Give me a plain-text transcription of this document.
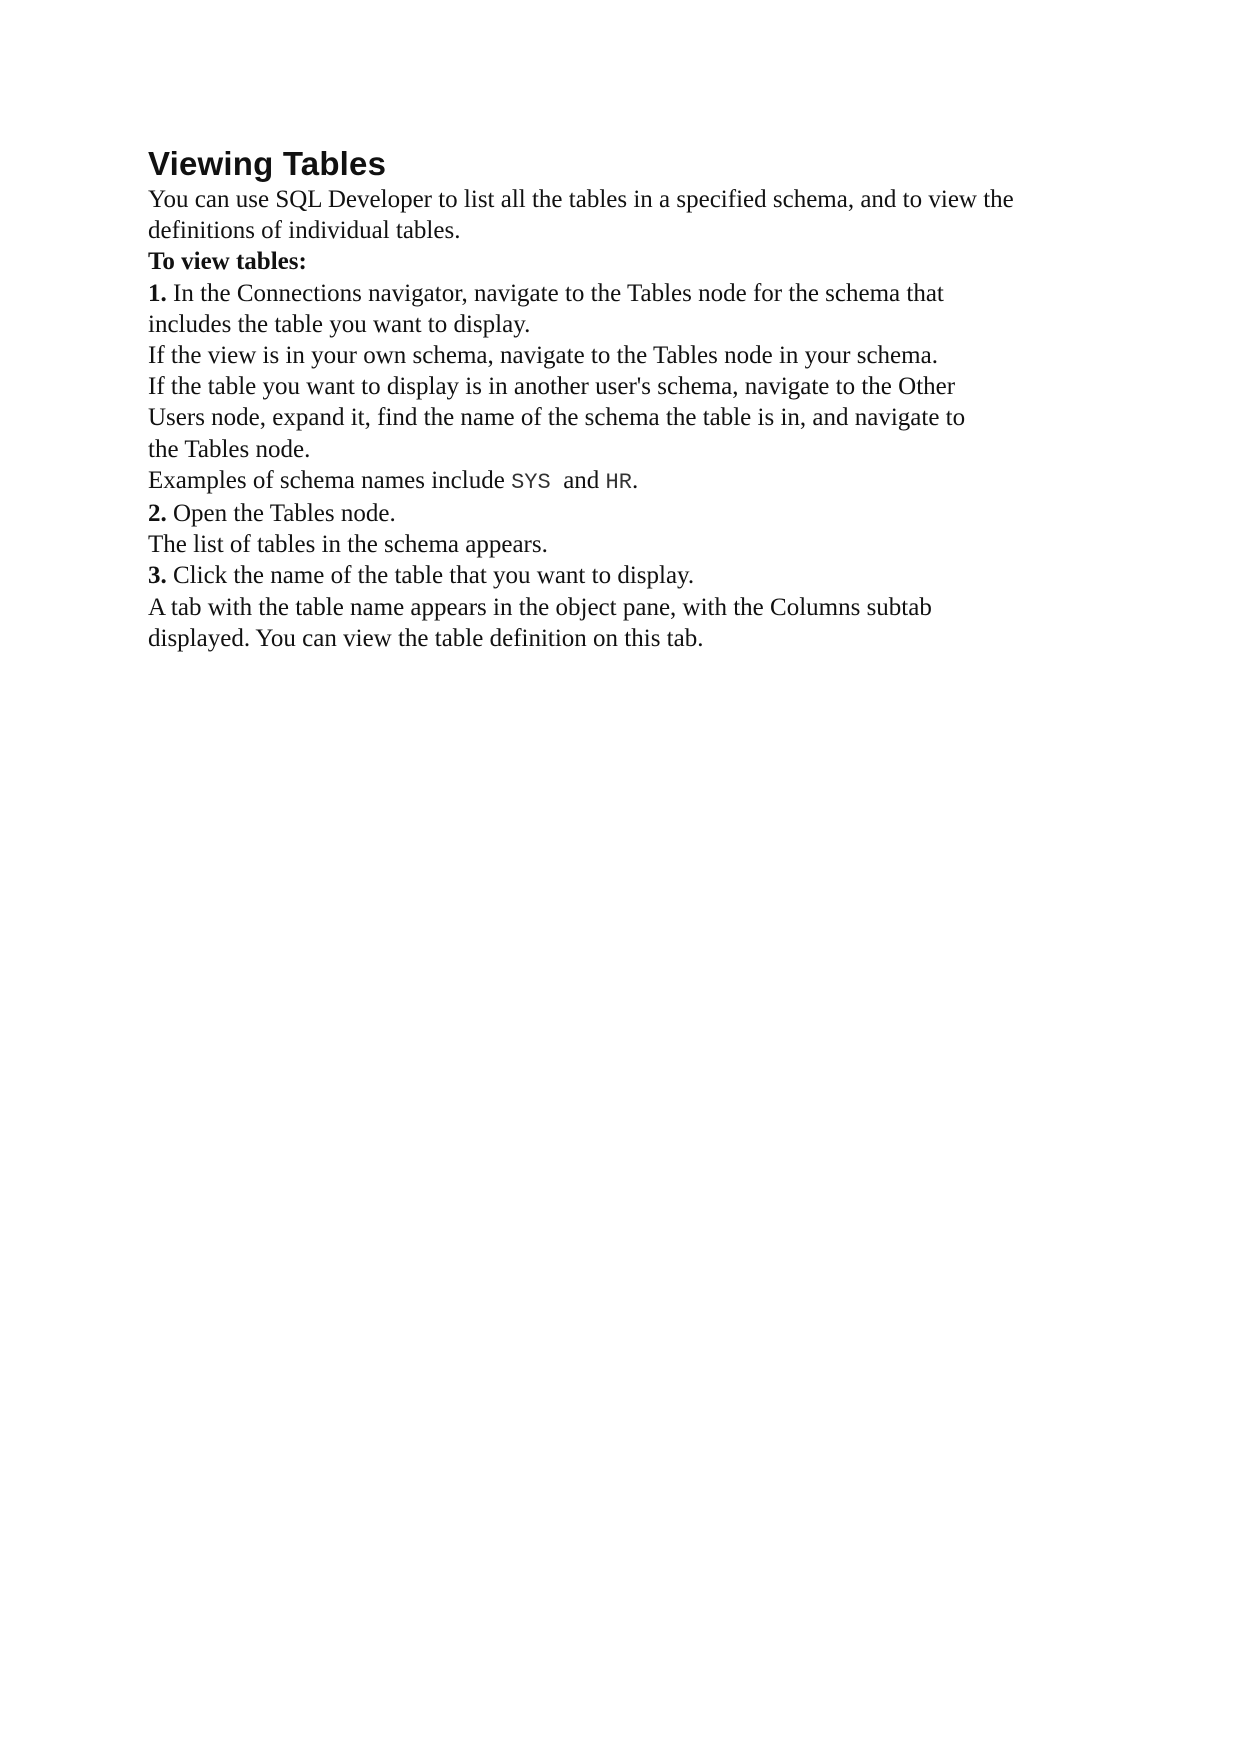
Viewing Tables

You can use SQL Developer to list all the tables in a specified schema, and to view the

definitions of individual tables.

To view tables:

1. In the Connections navigator, navigate to the Tables node for the schema that

includes the table you want to display.

If the view is in your own schema, navigate to the Tables node in your schema.

If the table you want to display is in another user's schema, navigate to the Other

Users node, expand it, find the name of the schema the table is in, and navigate to

the Tables node.

Examples of schema names include SYS  and HR.

2. Open the Tables node.

The list of tables in the schema appears.

3. Click the name of the table that you want to display.

A tab with the table name appears in the object pane, with the Columns subtab

displayed. You can view the table definition on this tab.
